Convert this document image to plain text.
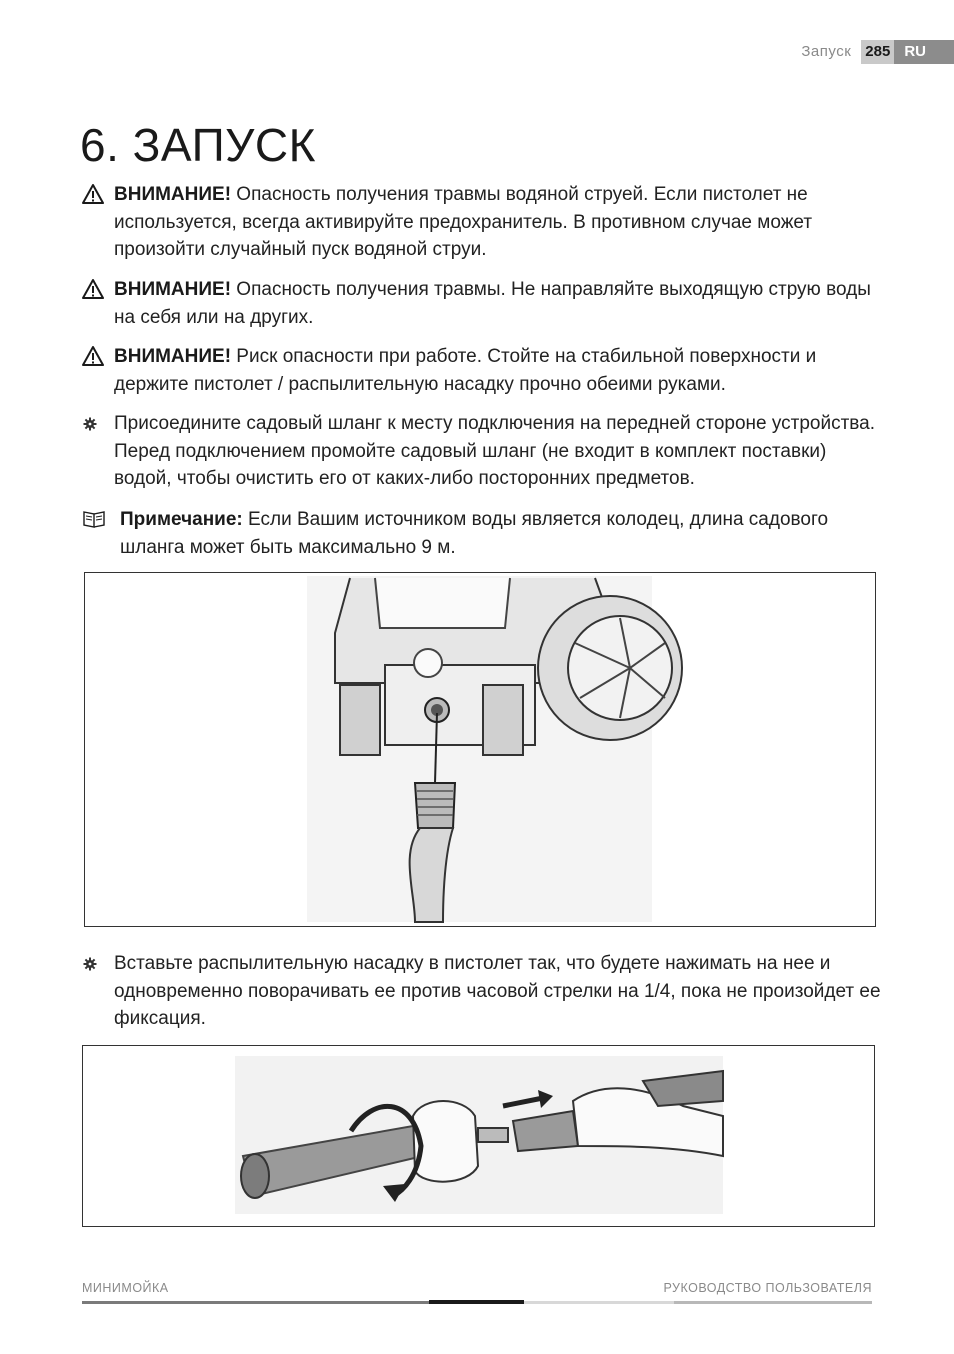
Запуск 285 RU
6. ЗАПУСК
ВНИМАНИЕ! Опасность получения травмы водяной струей. Если пистолет не используется, всегда активируйте предохранитель. В противном случае может произойти случайный пуск водяной струи.
ВНИМАНИЕ! Опасность получения травмы. Не направляйте выходящую струю воды на себя или на других.
ВНИМАНИЕ! Риск опасности при работе. Стойте на стабильной поверхности и держите пистолет / распылительную насадку прочно обеими руками.
Присоедините садовый шланг к месту подключения на передней стороне устройства. Перед подключением промойте садовый шланг (не входит в комплект поставки) водой, чтобы очистить его от каких-либо посторонних предметов.
Примечание: Если Вашим источником воды является колодец, длина садового шланга может быть максимально 9 м.
Вставьте распылительную насадку в пистолет так, что будете нажимать на нее и одновременно поворачивать ее против часовой стрелки на 1/4, пока не произойдет ее фиксация.
МИНИМОЙКА	РУКОВОДСТВО ПОЛЬЗОВАТЕЛЯ
